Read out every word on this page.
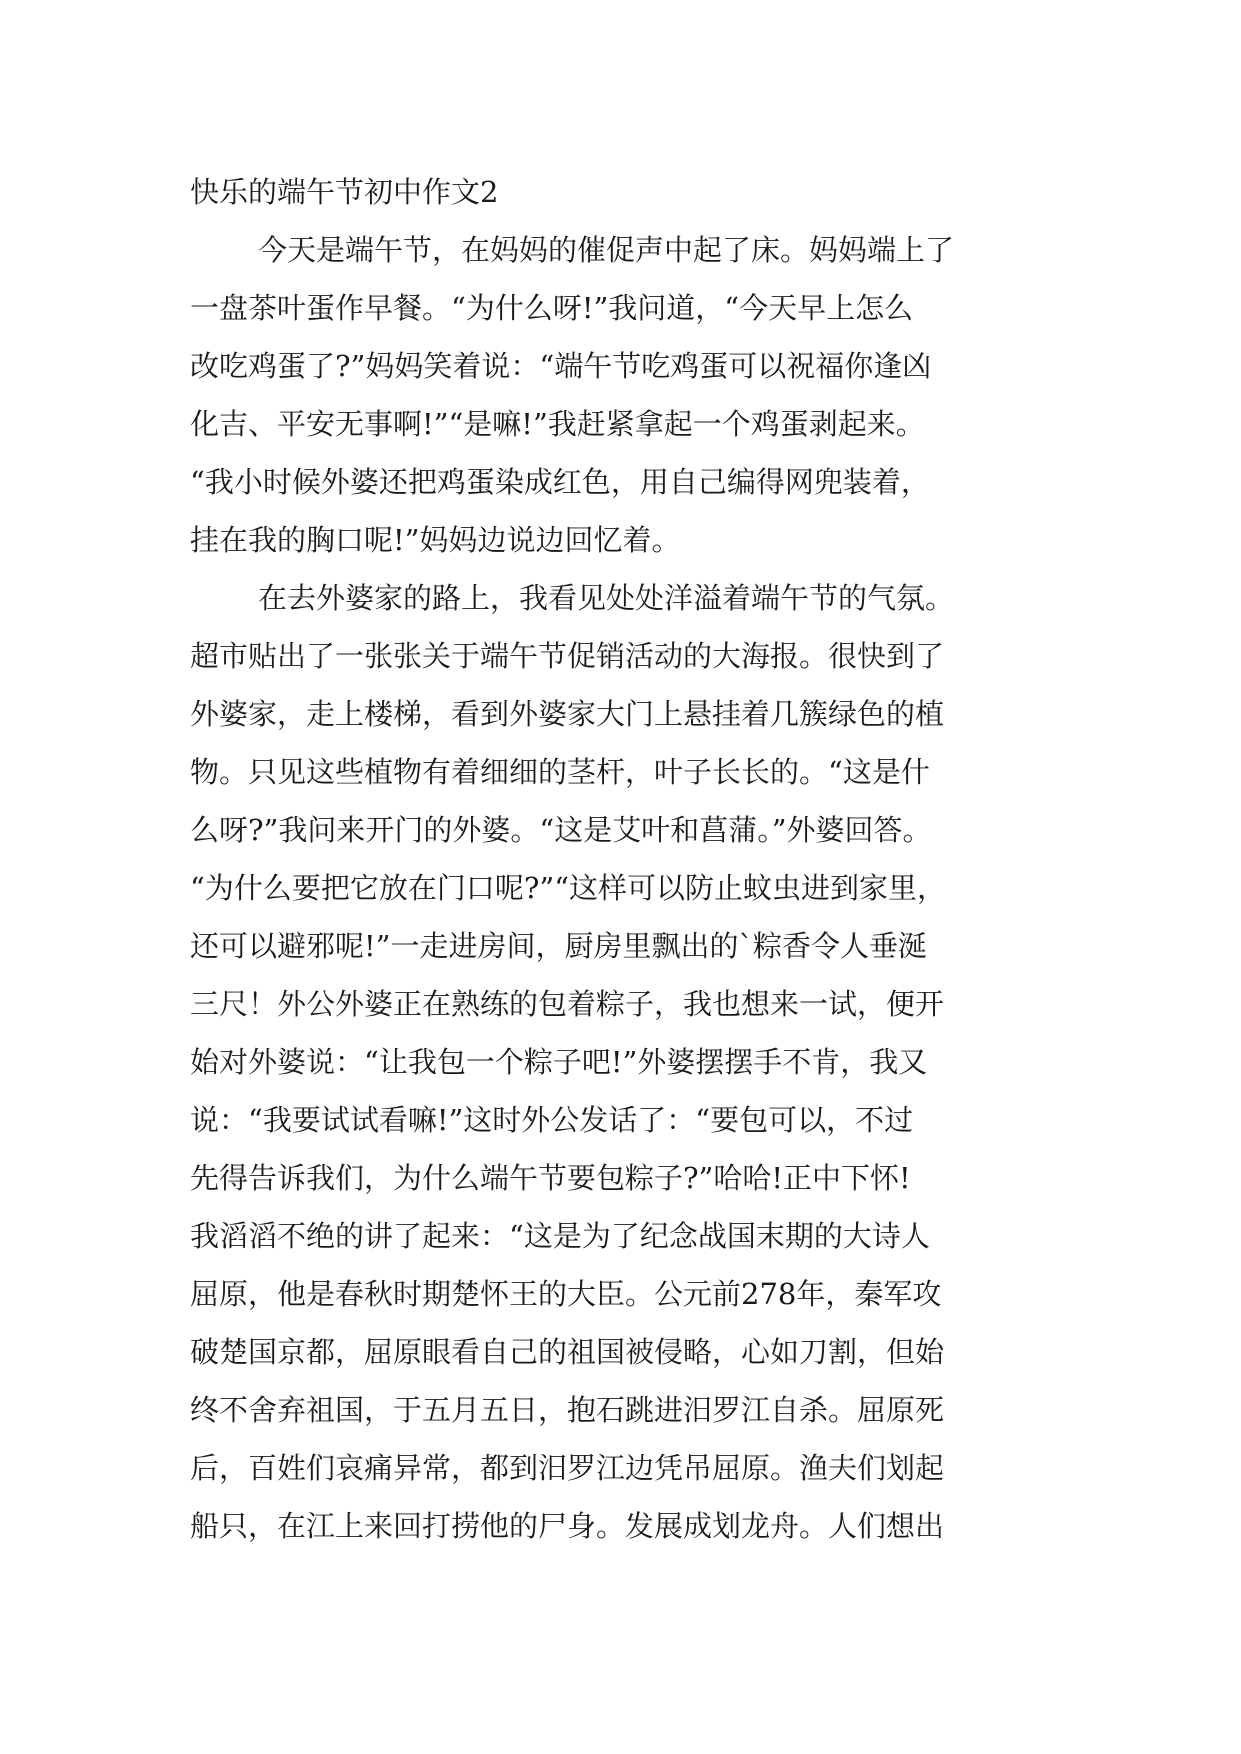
快乐的端午节初中作文2
今天是端午节，在妈妈的催促声中起了床。妈妈端上了
一盘茶叶蛋作早餐。“为什么呀!”我问道，“今天早上怎么
改吃鸡蛋了?”妈妈笑着说：“端午节吃鸡蛋可以祝福你逢凶
化吉、平安无事啊!”“是嘛!”我赶紧拿起一个鸡蛋剥起来。
“我小时候外婆还把鸡蛋染成红色，用自己编得网兜装着，
挂在我的胸口呢!”妈妈边说边回忆着。
在去外婆家的路上，我看见处处洋溢着端午节的气氛。
超市贴出了一张张关于端午节促销活动的大海报。很快到了
外婆家，走上楼梯，看到外婆家大门上悬挂着几簇绿色的植
物。只见这些植物有着细细的茎杆，叶子长长的。“这是什
么呀?”我问来开门的外婆。“这是艾叶和菖蒲。”外婆回答。
“为什么要把它放在门口呢?”“这样可以防止蚊虫进到家里，
还可以避邪呢!”一走进房间，厨房里飘出的`粽香令人垂涎
三尺！外公外婆正在熟练的包着粽子，我也想来一试，便开
始对外婆说：“让我包一个粽子吧!”外婆摆摆手不肯，我又
说：“我要试试看嘛!”这时外公发话了：“要包可以，不过
先得告诉我们，为什么端午节要包粽子?”哈哈!正中下怀!
我滔滔不绝的讲了起来：“这是为了纪念战国末期的大诗人
屈原，他是春秋时期楚怀王的大臣。公元前278年，秦军攻
破楚国京都，屈原眼看自己的祖国被侵略，心如刀割，但始
终不舍弃祖国，于五月五日，抱石跳进汨罗江自杀。屈原死
后，百姓们哀痛异常，都到汨罗江边凭吊屈原。渔夫们划起
船只，在江上来回打捞他的尸身。发展成划龙舟。人们想出
